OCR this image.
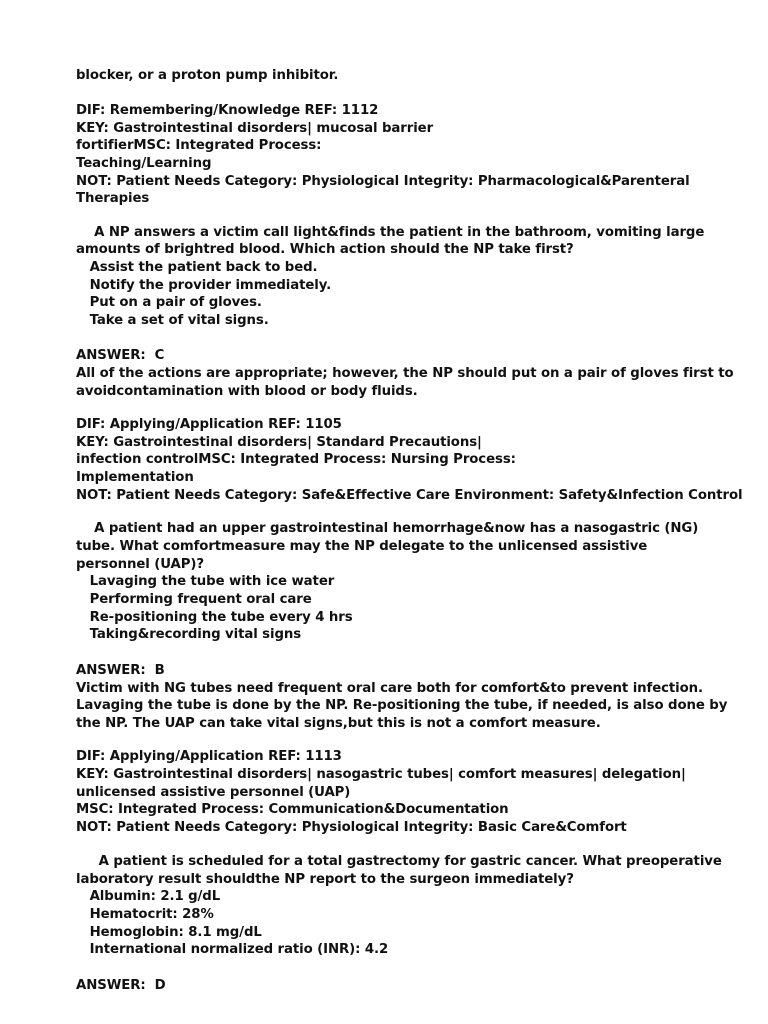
blocker, or a proton pump inhibitor.
DIF: Remembering/Knowledge REF: 1112
KEY: Gastrointestinal disorders| mucosal barrier
fortifierMSC: Integrated Process:
Teaching/Learning
NOT: Patient Needs Category: Physiological Integrity: Pharmacological&Parenteral
Therapies
A NP answers a victim call light&finds the patient in the bathroom, vomiting large
amounts of brightred blood. Which action should the NP take first?
Assist the patient back to bed.
Notify the provider immediately.
Put on a pair of gloves.
Take a set of vital signs.
ANSWER:  C
All of the actions are appropriate; however, the NP should put on a pair of gloves first to
avoidcontamination with blood or body fluids.
DIF: Applying/Application REF: 1105
KEY: Gastrointestinal disorders| Standard Precautions|
infection controlMSC: Integrated Process: Nursing Process:
Implementation
NOT: Patient Needs Category: Safe&Effective Care Environment: Safety&Infection Control
A patient had an upper gastrointestinal hemorrhage&now has a nasogastric (NG)
tube. What comfortmeasure may the NP delegate to the unlicensed assistive
personnel (UAP)?
Lavaging the tube with ice water
Performing frequent oral care
Re-positioning the tube every 4 hrs
Taking&recording vital signs
ANSWER:  B
Victim with NG tubes need frequent oral care both for comfort&to prevent infection.
Lavaging the tube is done by the NP. Re-positioning the tube, if needed, is also done by
the NP. The UAP can take vital signs,but this is not a comfort measure.
DIF: Applying/Application REF: 1113
KEY: Gastrointestinal disorders| nasogastric tubes| comfort measures| delegation|
unlicensed assistive personnel (UAP)
MSC: Integrated Process: Communication&Documentation
NOT: Patient Needs Category: Physiological Integrity: Basic Care&Comfort
A patient is scheduled for a total gastrectomy for gastric cancer. What preoperative
laboratory result shouldthe NP report to the surgeon immediately?
Albumin: 2.1 g/dL
Hematocrit: 28%
Hemoglobin: 8.1 mg/dL
International normalized ratio (INR): 4.2
ANSWER:  D
